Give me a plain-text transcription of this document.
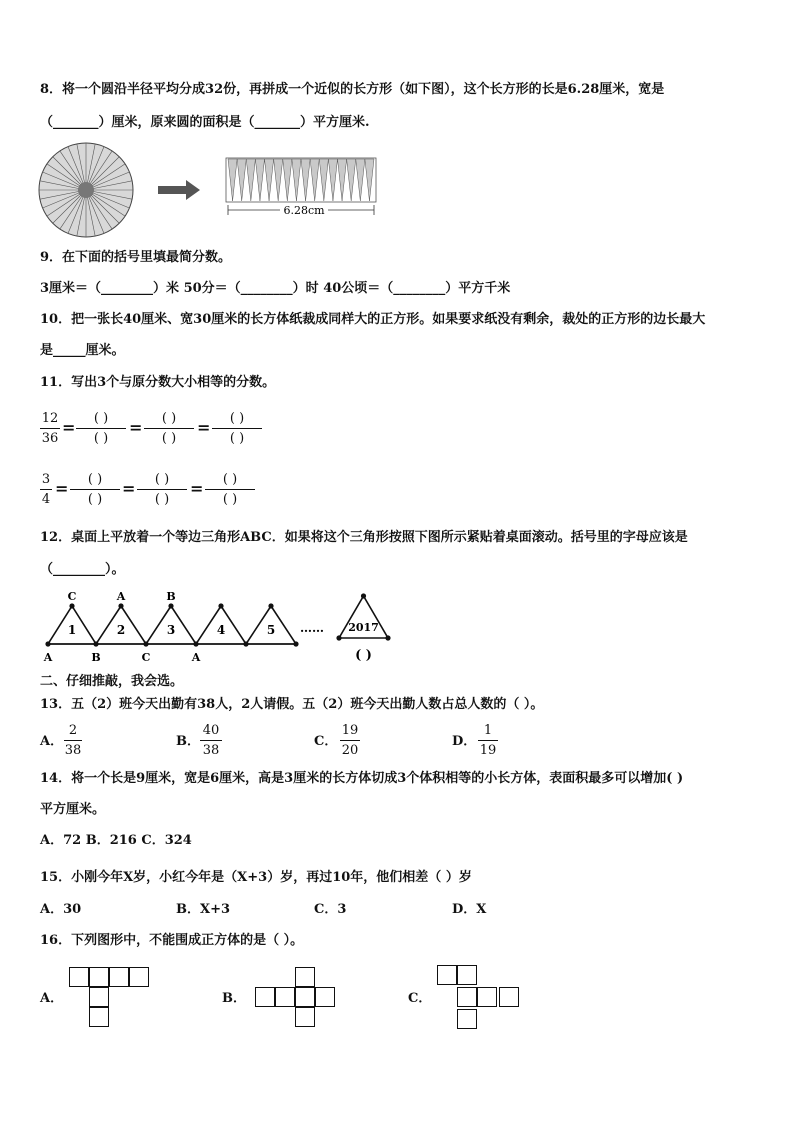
8．将一个圆沿半径平均分成32份，再拼成一个近似的长方形（如下图），这个长方形的长是6.28厘米，宽是
（_______）厘米，原来圆的面积是（_______）平方厘米.
6.28cm
9．在下面的括号里填最简分数。
3厘米＝（________）米 50分＝（________）时 40公顷＝（________）平方千米
10．把一张长40厘米、宽30厘米的长方体纸裁成同样大的正方形。如果要求纸没有剩余，裁处的正方形的边长最大
是_____厘米。
11．写出3个与原分数大小相等的分数。
12
36
=	( )
( )
=	( )
( )
=	( )
( )
3
4
=	( )
( )
=	( )
( )
=	( )
( )
12．桌面上平放着一个等边三角形ABC．如果将这个三角形按照下图所示紧贴着桌面滚动。括号里的字母应该是
（________）。
1
C
2
A
3
B
4	5
A	B	C	A
…… 2017
( )
二、仔细推敲，我会选。
13．五（2）班今天出勤有38人，2人请假。五（2）班今天出勤人数占总人数的（ ）。
A．
2
38
B．
40
38
C．
19
20
D．
1
19
14．将一个长是9厘米，宽是6厘米，高是3厘米的长方体切成3个体积相等的小长方体，表面积最多可以增加( )
平方厘米。
A．72 B．216 C．324
15．小刚今年X岁，小红今年是（X+3）岁，再过10年，他们相差（ ）岁
A．30	B．X+3	C．3	D．X
16．下列图形中，不能围成正方体的是（ ）。
A．	B．	C．
